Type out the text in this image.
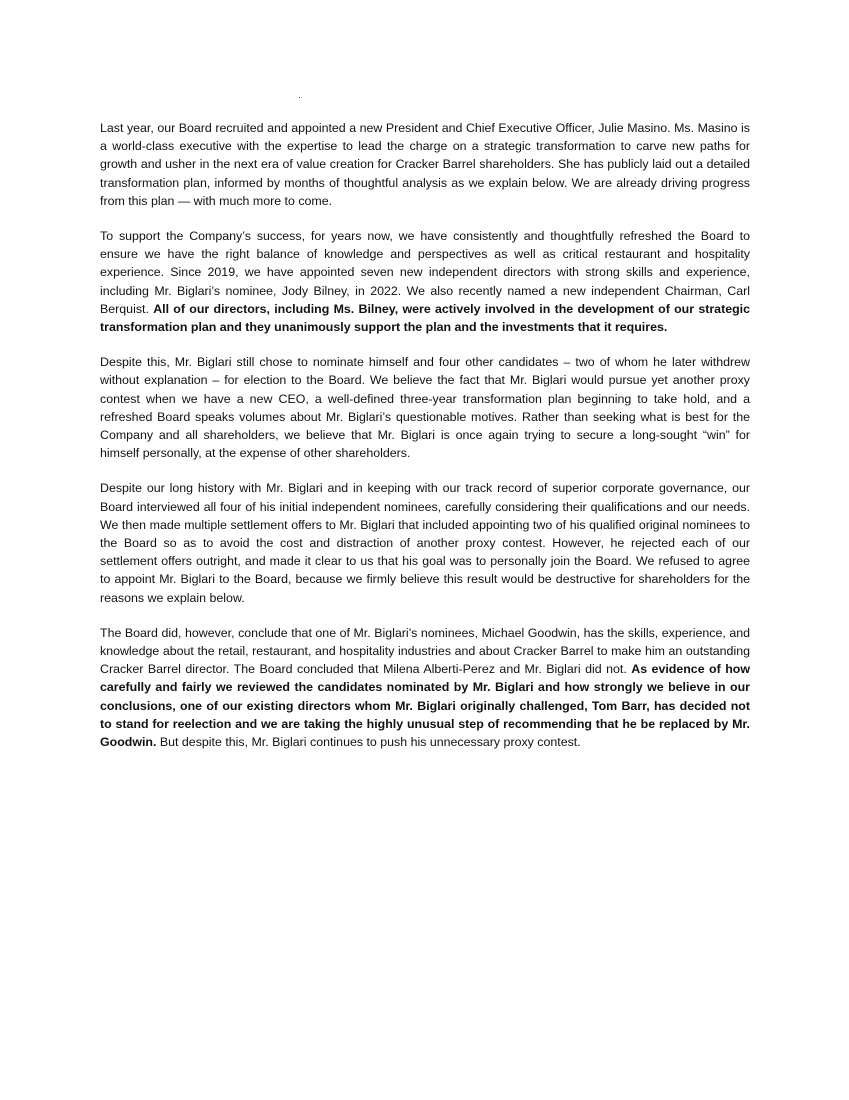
Last year, our Board recruited and appointed a new President and Chief Executive Officer, Julie Masino. Ms. Masino is a world-class executive with the expertise to lead the charge on a strategic transformation to carve new paths for growth and usher in the next era of value creation for Cracker Barrel shareholders. She has publicly laid out a detailed transformation plan, informed by months of thoughtful analysis as we explain below. We are already driving progress from this plan — with much more to come.

To support the Company’s success, for years now, we have consistently and thoughtfully refreshed the Board to ensure we have the right balance of knowledge and perspectives as well as critical restaurant and hospitality experience. Since 2019, we have appointed seven new independent directors with strong skills and experience, including Mr. Biglari’s nominee, Jody Bilney, in 2022. We also recently named a new independent Chairman, Carl Berquist. All of our directors, including Ms. Bilney, were actively involved in the development of our strategic transformation plan and they unanimously support the plan and the investments that it requires.

Despite this, Mr. Biglari still chose to nominate himself and four other candidates – two of whom he later withdrew without explanation – for election to the Board. We believe the fact that Mr. Biglari would pursue yet another proxy contest when we have a new CEO, a well-defined three-year transformation plan beginning to take hold, and a refreshed Board speaks volumes about Mr. Biglari’s questionable motives. Rather than seeking what is best for the Company and all shareholders, we believe that Mr. Biglari is once again trying to secure a long-sought “win” for himself personally, at the expense of other shareholders.

Despite our long history with Mr. Biglari and in keeping with our track record of superior corporate governance, our Board interviewed all four of his initial independent nominees, carefully considering their qualifications and our needs. We then made multiple settlement offers to Mr. Biglari that included appointing two of his qualified original nominees to the Board so as to avoid the cost and distraction of another proxy contest. However, he rejected each of our settlement offers outright, and made it clear to us that his goal was to personally join the Board. We refused to agree to appoint Mr. Biglari to the Board, because we firmly believe this result would be destructive for shareholders for the reasons we explain below.

The Board did, however, conclude that one of Mr. Biglari’s nominees, Michael Goodwin, has the skills, experience, and knowledge about the retail, restaurant, and hospitality industries and about Cracker Barrel to make him an outstanding Cracker Barrel director. The Board concluded that Milena Alberti-Perez and Mr. Biglari did not. As evidence of how carefully and fairly we reviewed the candidates nominated by Mr. Biglari and how strongly we believe in our conclusions, one of our existing directors whom Mr. Biglari originally challenged, Tom Barr, has decided not to stand for reelection and we are taking the highly unusual step of recommending that he be replaced by Mr. Goodwin. But despite this, Mr. Biglari continues to push his unnecessary proxy contest.
